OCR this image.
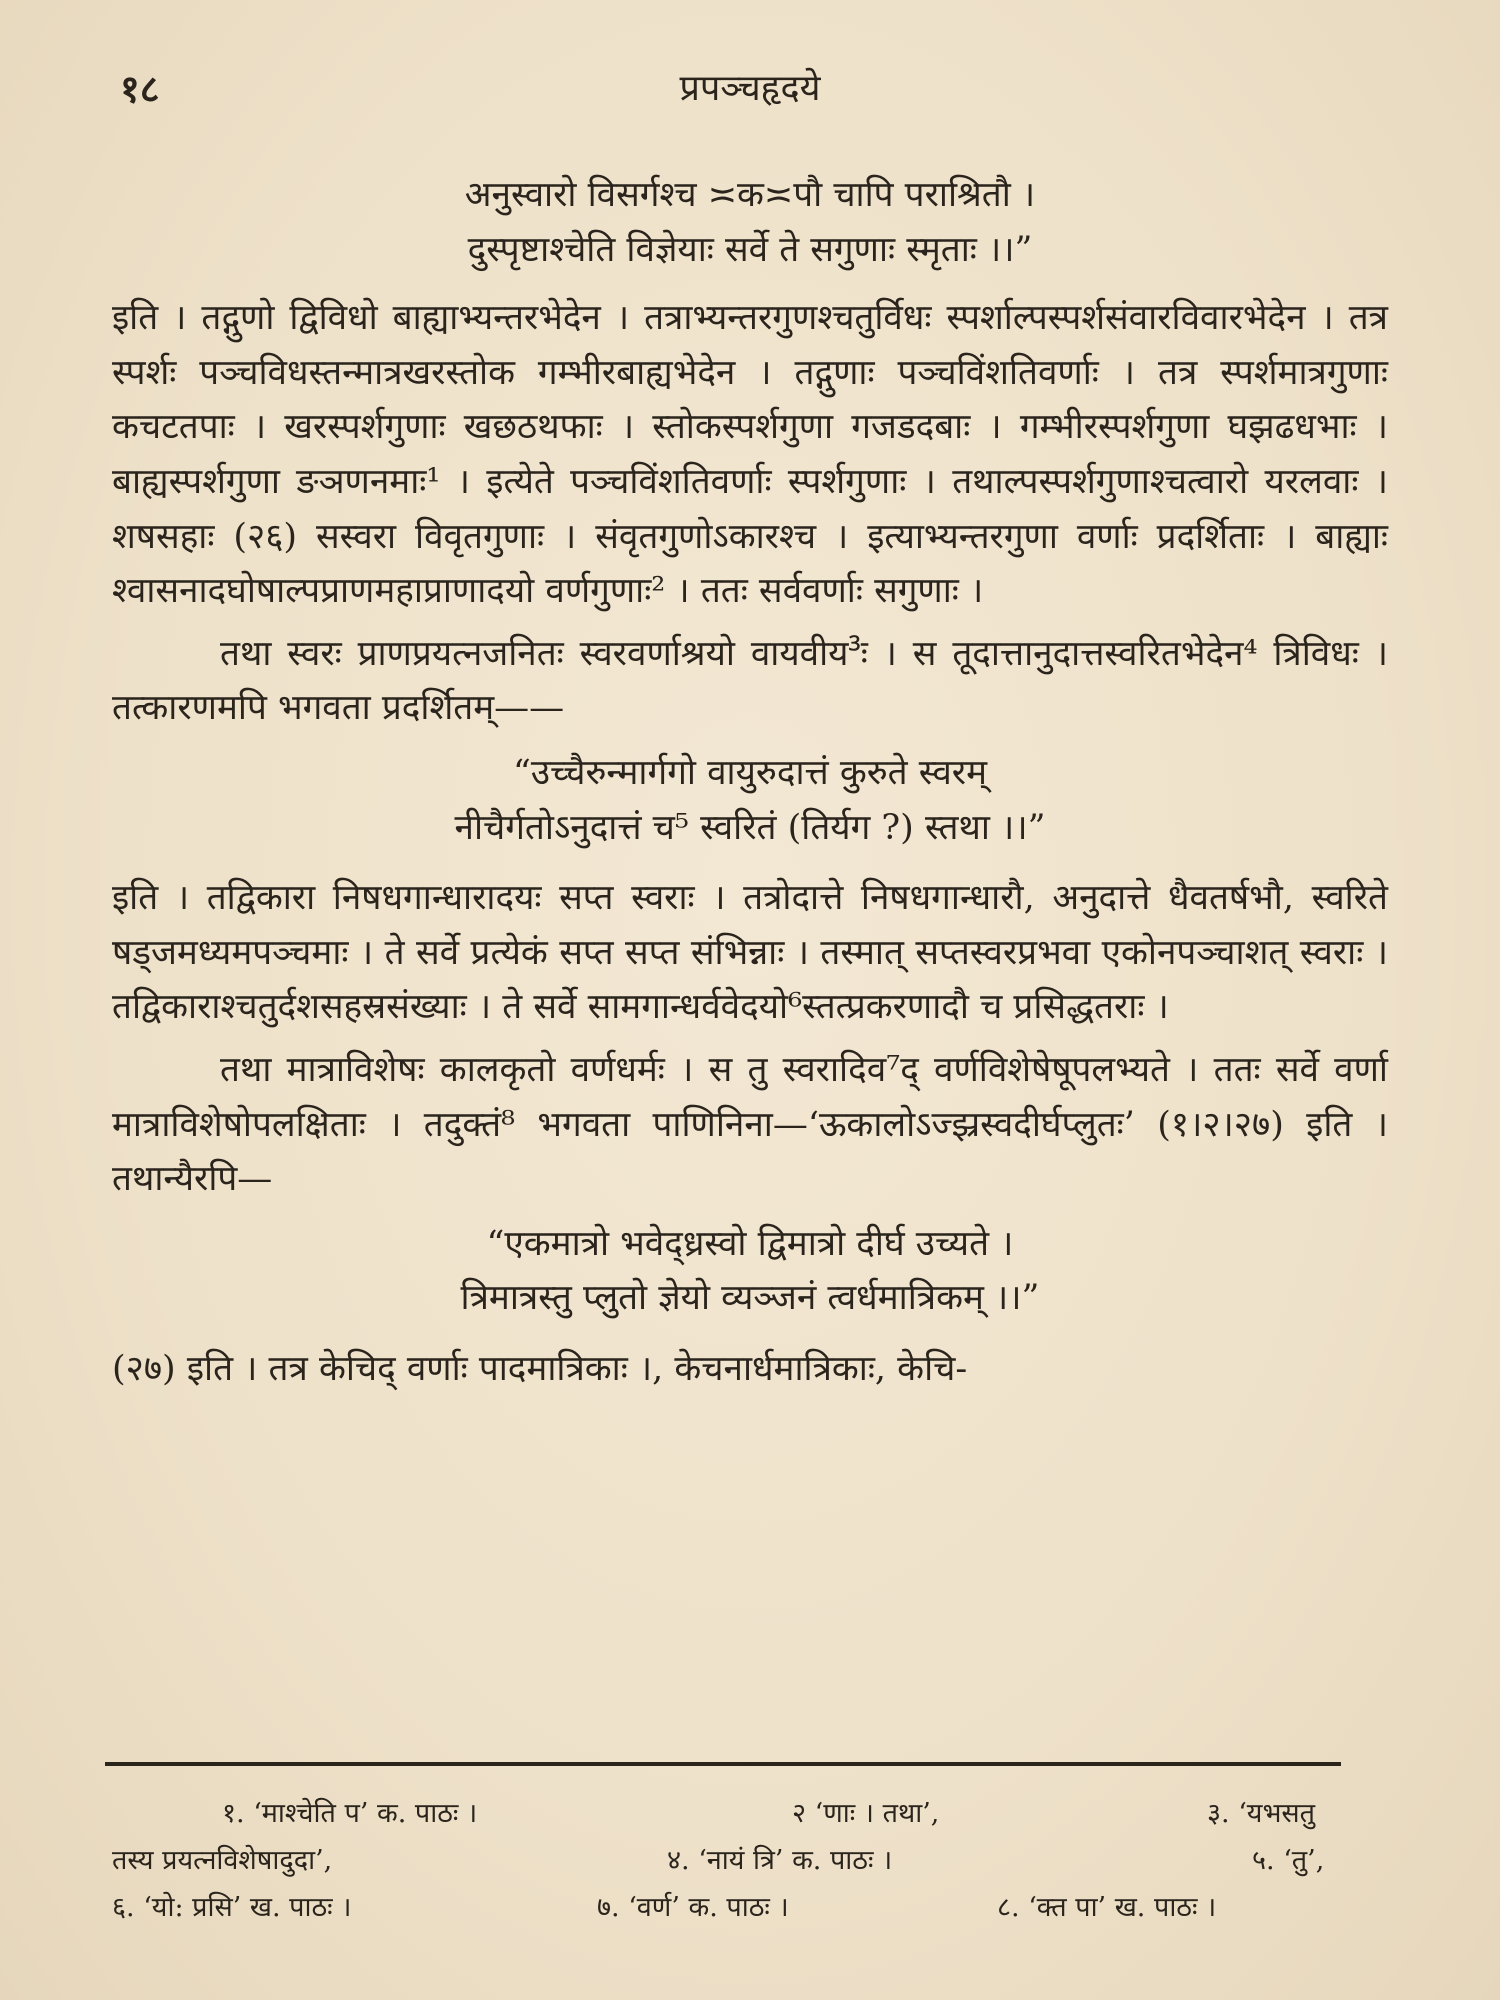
१८	प्रपञ्चहृदये

अनुस्वारो विसर्गश्च ≍क≍पौ चापि पराश्रितौ ।

दुस्पृष्टाश्चेति विज्ञेयाः सर्वे ते सगुणाः स्मृताः ।।”

इति । तद्गुणो द्विविधो बाह्याभ्यन्तरभेदेन । तत्राभ्यन्तरगुणश्चतुर्विधः स्पर्शाल्पस्पर्शसंवारविवारभेदेन । तत्र स्पर्शः पञ्चविधस्तन्मात्रखरस्तोक गम्भीरबाह्यभेदेन । तद्गुणाः पञ्चविंशतिवर्णाः । तत्र स्पर्शमात्रगुणाः कचटतपाः । खरस्पर्शगुणाः खछठथफाः । स्तोकस्पर्शगुणा गजडदबाः । गम्भीरस्पर्शगुणा घझढधभाः । बाह्यस्पर्शगुणा ङञणनमाः¹ । इत्येते पञ्चविंशतिवर्णाः स्पर्शगुणाः । तथाल्पस्पर्शगुणाश्चत्वारो यरलवाः । शषसहाः (२६) सस्वरा विवृतगुणाः । संवृतगुणोऽकारश्च । इत्याभ्यन्तरगुणा वर्णाः प्रदर्शिताः । बाह्याः श्वासनादघोषाल्पप्राणमहाप्राणादयो वर्णगुणाः² । ततः सर्ववर्णाः सगुणाः ।

तथा स्वरः प्राणप्रयत्नजनितः स्वरवर्णाश्रयो वायवीय³ः । स तूदात्तानुदात्तस्वरितभेदेन⁴ त्रिविधः । तत्कारणमपि भगवता प्रदर्शितम्——

“उच्चैरुन्मार्गगो वायुरुदात्तं कुरुते स्वरम्

नीचैर्गतोऽनुदात्तं च⁵ स्वरितं (तिर्यग ?) स्तथा ।।”

इति । तद्विकारा निषधगान्धारादयः सप्त स्वराः । तत्रोदात्ते निषधगान्धारौ, अनुदात्ते धैवतर्षभौ, स्वरिते षड्जमध्यमपञ्चमाः । ते सर्वे प्रत्येकं सप्त सप्त संभिन्नाः । तस्मात् सप्तस्वरप्रभवा एकोनपञ्चाशत् स्वराः । तद्विकाराश्चतुर्दशसहस्रसंख्याः । ते सर्वे सामगान्धर्ववेदयो⁶स्तत्प्रकरणादौ च प्रसिद्धतराः ।

तथा मात्राविशेषः कालकृतो वर्णधर्मः । स तु स्वरादिव⁷द् वर्णविशेषेषूपलभ्यते । ततः सर्वे वर्णा मात्राविशेषोपलक्षिताः । तदुक्तं⁸ भगवता पाणिनिना—‘ऊकालोऽज्झ्रस्वदीर्घप्लुतः’ (१।२।२७) इति । तथान्यैरपि—

“एकमात्रो भवेद्ध्रस्वो द्विमात्रो दीर्घ उच्यते ।

त्रिमात्रस्तु प्लुतो ज्ञेयो व्यञ्जनं त्वर्धमात्रिकम् ।।”

(२७) इति । तत्र केचिद् वर्णाः पादमात्रिकाः ।, केचनार्धमात्रिकाः, केचि-

१. ‘माश्चेति प’ क. पाठः ।	२ ‘णाः । तथा’,	३. ‘यभसतु
तस्य प्रयत्नविशेषादुदा’,	४. ‘नायं त्रि’ क. पाठः ।	५. ‘तु’,
६. ‘यो: प्रसि’ ख. पाठः ।	७. ‘वर्ण’ क. पाठः ।	८. ‘क्त पा’ ख. पाठः ।
